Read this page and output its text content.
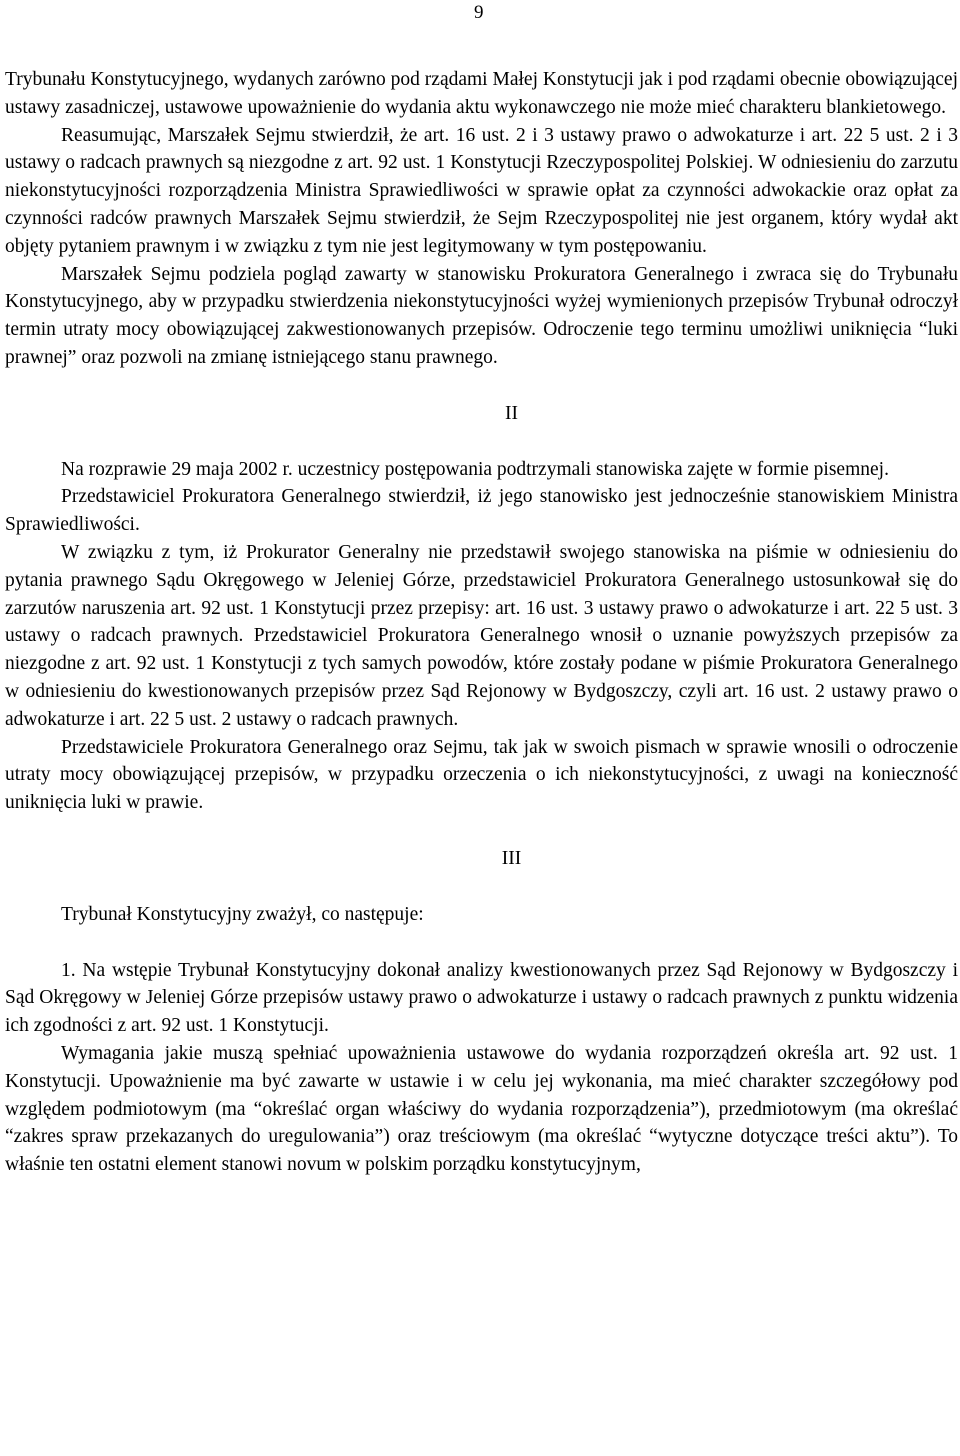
9

Trybunału Konstytucyjnego, wydanych zarówno pod rządami Małej Konstytucji jak i pod rządami obecnie obowiązującej ustawy zasadniczej, ustawowe upoważnienie do wydania aktu wykonawczego nie może mieć charakteru blankietowego.

Reasumując, Marszałek Sejmu stwierdził, że art. 16 ust. 2 i 3 ustawy prawo o adwokaturze i art. 22 5 ust. 2 i 3 ustawy o radcach prawnych są niezgodne z art. 92 ust. 1 Konstytucji Rzeczypospolitej Polskiej. W odniesieniu do zarzutu niekonstytucyjności rozporządzenia Ministra Sprawiedliwości w sprawie opłat za czynności adwokackie oraz opłat za czynności radców prawnych Marszałek Sejmu stwierdził, że Sejm Rzeczypospolitej nie jest organem, który wydał akt objęty pytaniem prawnym i w związku z tym nie jest legitymowany w tym postępowaniu.

Marszałek Sejmu podziela pogląd zawarty w stanowisku Prokuratora Generalnego i zwraca się do Trybunału Konstytucyjnego, aby w przypadku stwierdzenia niekonstytucyjności wyżej wymienionych przepisów Trybunał odroczył termin utraty mocy obowiązującej zakwestionowanych przepisów. Odroczenie tego terminu umożliwi uniknięcia “luki prawnej” oraz pozwoli na zmianę istniejącego stanu prawnego.

II

Na rozprawie 29 maja 2002 r. uczestnicy postępowania podtrzymali stanowiska zajęte w formie pisemnej.

Przedstawiciel Prokuratora Generalnego stwierdził, iż jego stanowisko jest jednocześnie stanowiskiem Ministra Sprawiedliwości.

W związku z tym, iż Prokurator Generalny nie przedstawił swojego stanowiska na piśmie w odniesieniu do pytania prawnego Sądu Okręgowego w Jeleniej Górze, przedstawiciel Prokuratora Generalnego ustosunkował się do zarzutów naruszenia art. 92 ust. 1 Konstytucji przez przepisy: art. 16 ust. 3 ustawy prawo o adwokaturze i art. 22 5 ust. 3 ustawy o radcach prawnych. Przedstawiciel Prokuratora Generalnego wnosił o uznanie powyższych przepisów za niezgodne z art. 92 ust. 1 Konstytucji z tych samych powodów, które zostały podane w piśmie Prokuratora Generalnego w odniesieniu do kwestionowanych przepisów przez Sąd Rejonowy w Bydgoszczy, czyli art. 16 ust. 2 ustawy prawo o adwokaturze i art. 22 5 ust. 2 ustawy o radcach prawnych.

Przedstawiciele Prokuratora Generalnego oraz Sejmu, tak jak w swoich pismach w sprawie wnosili o odroczenie utraty mocy obowiązującej przepisów, w przypadku orzeczenia o ich niekonstytucyjności, z uwagi na konieczność uniknięcia luki w prawie.

III

Trybunał Konstytucyjny zważył, co następuje:

1. Na wstępie Trybunał Konstytucyjny dokonał analizy kwestionowanych przez Sąd Rejonowy w Bydgoszczy i Sąd Okręgowy w Jeleniej Górze przepisów ustawy prawo o adwokaturze i ustawy o radcach prawnych z punktu widzenia ich zgodności z art. 92 ust. 1 Konstytucji.

Wymagania jakie muszą spełniać upoważnienia ustawowe do wydania rozporządzeń określa art. 92 ust. 1 Konstytucji. Upoważnienie ma być zawarte w ustawie i w celu jej wykonania, ma mieć charakter szczegółowy pod względem podmiotowym (ma “określać organ właściwy do wydania rozporządzenia”), przedmiotowym (ma określać “zakres spraw przekazanych do uregulowania”) oraz treściowym (ma określać “wytyczne dotyczące treści aktu”). To właśnie ten ostatni element stanowi novum w polskim porządku konstytucyjnym,
